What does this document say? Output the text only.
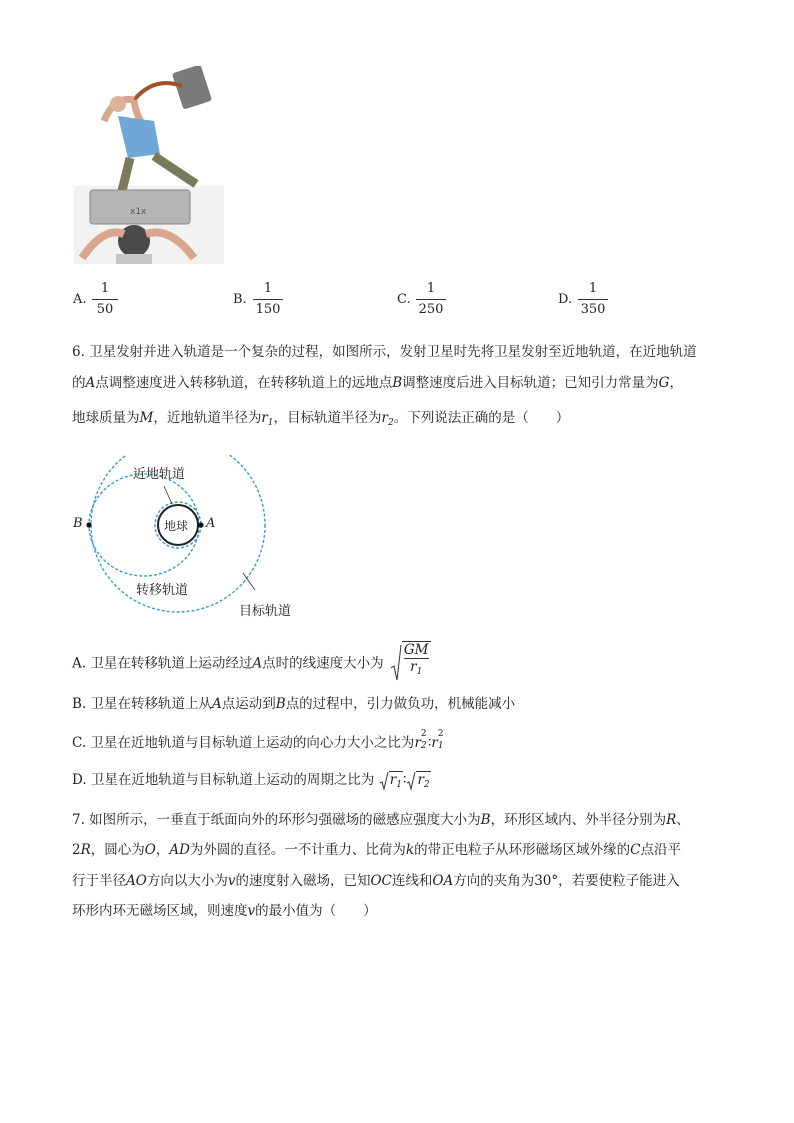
x1x
A.
1
50
B.
1
150
C.
1
250
D.
1
350
6. 卫星发射并进入轨道是一个复杂的过程，如图所示，发射卫星时先将卫星发射至近地轨道，在近地轨道
的A点调整速度进入转移轨道，在转移轨道上的远地点B调整速度后进入目标轨道；已知引力常量为G，
地球质量为M，近地轨道半径为$r_1$，目标轨道半径为$r_2$。下列说法正确的是（　　）
近地轨道
地球 A
B
转移轨道
目标轨道
A. 卫星在转移轨道上运动经过A点时的线速度大小为 $\frac{GM}{r_1}$
B. 卫星在转移轨道上从A点运动到B点的过程中，引力做负功，机械能减小
C. 卫星在近地轨道与目标轨道上运动的向心力大小之比为r
2
2 ∶r
2
1
D. 卫星在近地轨道与目标轨道上运动的周期之比为 $r_1∶$ $r_2$
7. 如图所示，一垂直于纸面向外的环形匀强磁场的磁感应强度大小为B，环形区域内、外半径分别为R、
2R，圆心为O，AD为外圆的直径。一不计重力、比荷为k的带正电粒子从环形磁场区域外缘的C点沿平
行于半径AO方向以大小为v的速度射入磁场，已知OC连线和OA方向的夹角为30°，若要使粒子能进入
环形内环无磁场区域，则速度v的最小值为（　　）
